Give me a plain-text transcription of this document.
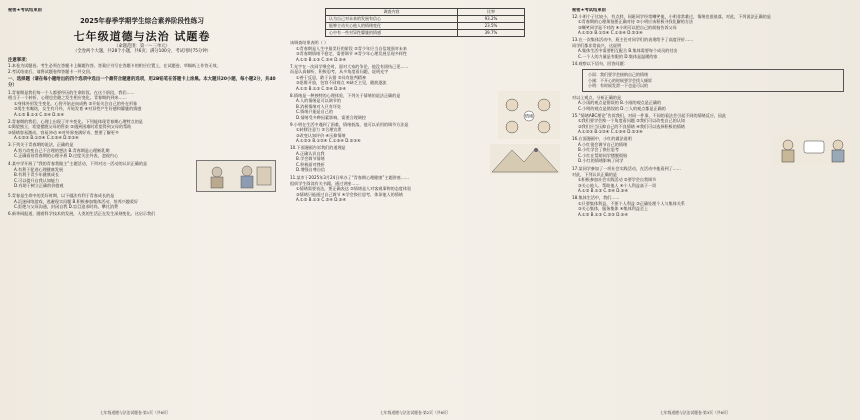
秘密★考试结束前
2025年春季学期学生综合素养阶段性练习
七年级道德与法治 试题卷
（命题范围：第一～三单元）
（全卷两个大题，共28个小题，共6页；满分100分，考试用时75分钟）
注意事项：
1.本卷为试题卷。考生必须在答题卡上解题作答。答案应书写在答题卡的相应位置上，在试题卷、草稿纸上作答无效。
2.考试结束后，请将试题卷和答题卡一并交回。
一、选择题（请在每小题给出的四个选项中选出一个最符合题意的选项，用2B铅笔在答题卡上涂黑。本大题共20小题，每小题2分，共40分）
1.青春期是我们每一个人都要经历的生命阶段。在这个阶段，我们……
相当于一个转折，心理也会随之发生相应变化。青春期的到来……
①身体外形发生变化，心智开始走向成熟 ②开始关注自己的外在形象
③男生有喉结，女生有月经，开始发育 ④对异性产生好感和朦胧的情感
A.①② B.①③ C.②④ D.③④
2.青春期的我们，心理上出现了许多变化。下列能体现青春期心理特点的是
①渴望独立，希望摆脱父母的管束 ②遇到困难时希望得到父母的帮助
③情绪容易激动，容易冲动 ④对外界充满好奇，想要了解更多
A.①②③ B.①②④ C.①③④ D.②③④
3.下列关于青春期的说法，正确的是
A.努力改变自己不合理的想法 B.青春期是心理断乳期
C.正确看待青春期的心理矛盾 D.过度关注外表，忽视内心
4.某中学开展了“我的青春我做主”主题活动，下列对这一活动的认识正确的是
A.有利于促进心理健康发展
B.有利于青少年健康成长
C.可以提升自我认知能力
D.有助于树立正确的价值观
5.青春是生命中的美好时期，以下做法有利于青春成长的是
A.沉迷网络游戏，逃避现实问题 B.积极参加集体活动，培养兴趣爱好
C.拒绝与父母沟通，封闭自我 D.盲目追求时尚，攀比消费
6.新华网报道，随着科学技术的发展，人类的生活正在发生深刻变化。这启示我们
七年级道德与法治试题卷·第1页（共6页）
调查内容	比率
认为自己对未来的发展有信心	93.2%
能够主动关心他人的情绪变化	23.5%
心中有一些对异性朦胧的情感	39.7%
该调查结果表明（ ）
①青春期是人生中最美好的阶段 ②青少年应当自信地面对未来
③青春期情绪不稳定，需要调节 ④青少年心理发展呈现多样性
A.①② B.①③ C.②④ D.③④
7.光宇在一次同学聚会时，面对大家的争论，他没有固执己见……
而是认真倾听，积极思考，从多角度看问题，说明光宇
①善于反思，敢于认错 ②具有批判精神
③思维开放，包容不同观点 ④缺乏主见，随波逐流
A.①② B.①③ C.②④ D.③④
8.情绪是一种独特的心理体验，下列关于情绪的说法正确的是
A.人的情绪是可以调节的
B.消极情绪对人只有坏处
C.情绪只能是自己的
D.情绪受多种因素影响，需要合理调控
9.小明在生活中遇到了困难，情绪低落，他可以采用的调节方法是
①转移注意力 ②合理宣泄
③改变认知评价 ④压抑情绪
A.①②③ B.①②④ C.①③④ D.②③④
情绪
10.下面漫画告诉我们的道理是
A.正确认识自我
B.学会调节情绪
C.积极面对挫折
D.增强自尊自信
11.某市于2025年3月24日举办了“青春期心理健康”主题讲座……
组织学生阅读有关书籍，通过讲座……
①情绪需要表达，要正确表达 ②情绪是人对客观事物的态度体验
③情绪只能通过自己调节 ④学会换位思考，体谅他人的情绪
A.①② B.①③ C.②④ D.③④
七年级道德与法治试题卷·第2页（共6页）
秘密★考试结束前
12.小明个子比较小，有点胖，同班同学经常嘲笑他，小明非常难过，情绪也很低落，对此，下列说法正确的是
①青春期的心理烦恼要正确对待 ②小明应该积极寻找化解的方法
③嘲笑同学是不对的 ④小明可以把自己的烦恼告诉父母
A.①②③ B.①②④ C.①③④ D.②③④
13.在一次集体活动中，班主任对同学们的表现给予了高度评价……
同学们都非常高兴，这说明
A.集体生活中需要相互配合 B.集体需要每个成员的付出
C.一个人的力量是有限的 D.集体是温暖的家
14.观察以下语句，回答问题：
小雨：我们要学会接纳自己的情绪
小刚：不开心的时候要学会找人倾诉
小明：有时候发泄一下也是可以的
对以上观点，分析正确的是
A.小雨的观点是错误的 B.小刚的观点是正确的
C.小明的观点是错误的 D.三人的观点都是正确的
15.“情绪ABC理论”告诉我们，对同一件事，不同的看法会引起不同的情绪反应，因此
①我们要学会换一个角度看问题 ②我们可以改变自己的认知
③我们应当压抑自己的不良情绪 ④我们可以选择积极的情绪
A.①②③ B.①②④ C.①③④ D.②③④
16.右面漫画中，小红的做法说明
A.小红很会调节自己的情绪
B.小红学会了换位思考
C.小红在帮助同学摆脱烦恼
D.小红的情绪影响了同学
17.某同学参加了一项社会实践活动，在活动中他看到了……
对此，下列认识正确的是
①积极参加社会实践活动 ②要学会自我调节
③关心他人、帮助他人 ④个人利益高于一切
A.①② B.①③ C.②④ D.③④
18.集体生活中，我们……
①只要集体利益，不要个人利益 ②正确处理个人与集体关系
③关心集体，服务集体 ④集体利益至上
A.①② B.①③ C.②③ D.③④
七年级道德与法治试题卷·第3页（共6页）
